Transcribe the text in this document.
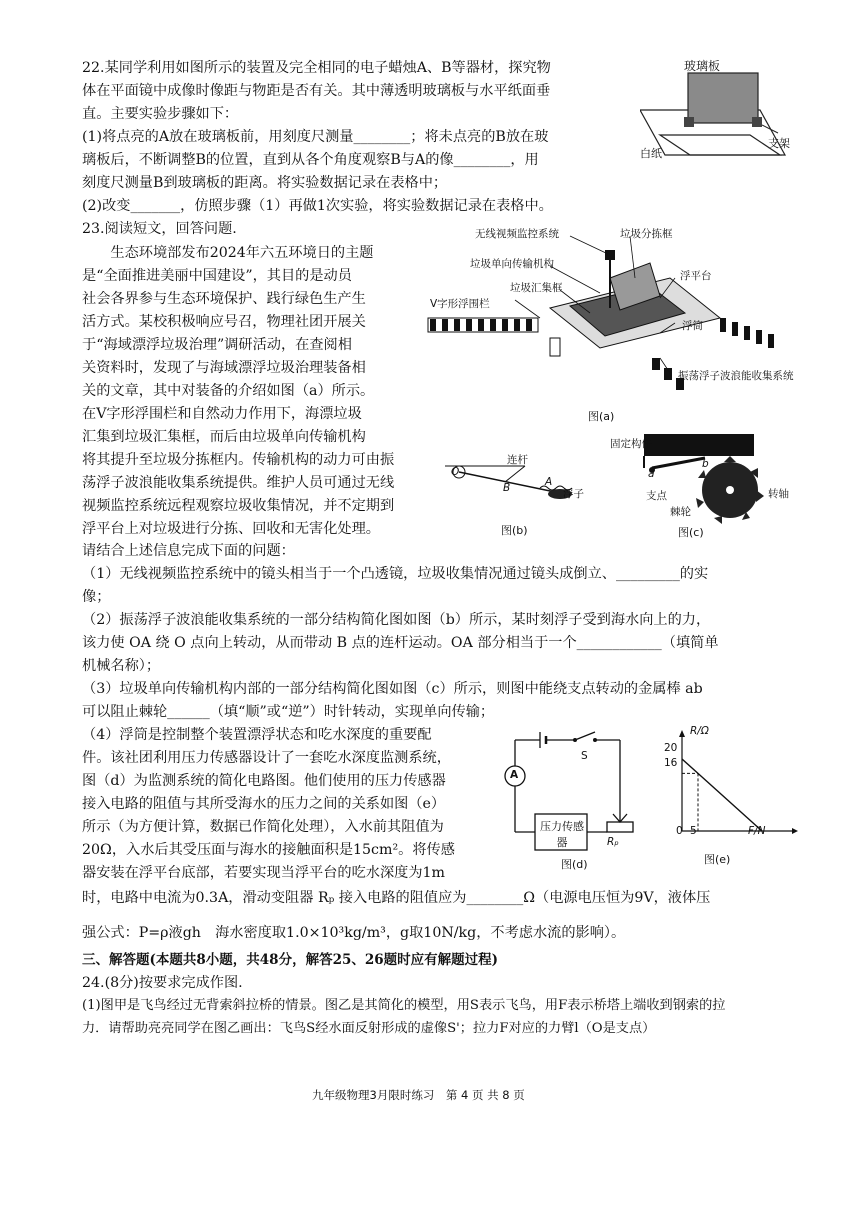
22.某同学利用如图所示的装置及完全相同的电子蜡烛A、B等器材，探究物
体在平面镜中成像时像距与物距是否有关。其中薄透明玻璃板与水平纸面垂
直。主要实验步骤如下：
(1)将点亮的A放在玻璃板前，用刻度尺测量________；将未点亮的B放在玻
璃板后，不断调整B的位置，直到从各个角度观察B与A的像________，用
刻度尺测量B到玻璃板的距离。将实验数据记录在表格中；
(2)改变_______，仿照步骤（1）再做1次实验，将实验数据记录在表格中。
玻璃板
白纸
支架
23.阅读短文，回答问题.
　　生态环境部发布2024年六五环境日的主题
是“全面推进美丽中国建设”，其目的是动员
社会各界参与生态环境保护、践行绿色生产生
活方式。某校积极响应号召，物理社团开展关
于“海域漂浮垃圾治理”调研活动，在查阅相
关资料时，发现了与海域漂浮垃圾治理装备相
关的文章，其中对装备的介绍如图（a）所示。
在V字形浮围栏和自然动力作用下，海漂垃圾
汇集到垃圾汇集框，而后由垃圾单向传输机构
将其提升至垃圾分拣框内。传输机构的动力可由振
荡浮子波浪能收集系统提供。维护人员可通过无线
视频监控系统远程观察垃圾收集情况，并不定期到
浮平台上对垃圾进行分拣、回收和无害化处理。
请结合上述信息完成下面的问题：
无线视频监控系统	垃圾分拣框
垃圾单向传输机构
浮平台
垃圾汇集框
V字形浮围栏
浮筒
振荡浮子波浪能收集系统
图(a)
O
连杆
B	A
浮子
图(b)
固定构件
a
b
支点
棘轮
转轴
图(c)
（1）无线视频监控系统中的镜头相当于一个凸透镜，垃圾收集情况通过镜头成倒立、_________的实
像；
（2）振荡浮子波浪能收集系统的一部分结构简化图如图（b）所示，某时刻浮子受到海水向上的力，
该力使 OA 绕 O 点向上转动，从而带动 B 点的连杆运动。OA 部分相当于一个____________（填简单
机械名称）；
（3）垃圾单向传输机构内部的一部分结构简化图如图（c）所示，则图中能绕支点转动的金属棒 ab
可以阻止棘轮______（填“顺”或“逆”）时针转动，实现单向传输；
（4）浮筒是控制整个装置漂浮状态和吃水深度的重要配
件。该社团利用压力传感器设计了一套吃水深度监测系统，
图（d）为监测系统的简化电路图。他们使用的压力传感器
接入电路的阻值与其所受海水的压力之间的关系如图（e）
所示（为方便计算，数据已作简化处理），入水前其阻值为
20Ω，入水后其受压面与海水的接触面积是15cm²。将传感
器安装在浮平台底部，若要实现当浮平台的吃水深度为1m
时，电路中电流为0.3A，滑动变阻器 Rₚ 接入电路的阻值应为________Ω（电源电压恒为9V，液体压
强公式：P=ρ液gh　海水密度取1.0×10³kg/m³，g取10N/kg，不考虑水流的影响）。
A
S
压力传感器	Rₚ
图(d)
R/Ω
F/N
20
16
0 5
图(e)
三、解答题(本题共8小题，共48分，解答25、26题时应有解题过程)
24.(8分)按要求完成作图.
(1)图甲是飞鸟经过无背索斜拉桥的情景。图乙是其简化的模型，用S表示飞鸟，用F表示桥塔上端收到钢索的拉
力．请帮助亮亮同学在图乙画出：飞鸟S经水面反射形成的虚像S'；拉力F对应的力臂l（O是支点）
九年级物理3月限时练习　第 4 页 共 8 页
